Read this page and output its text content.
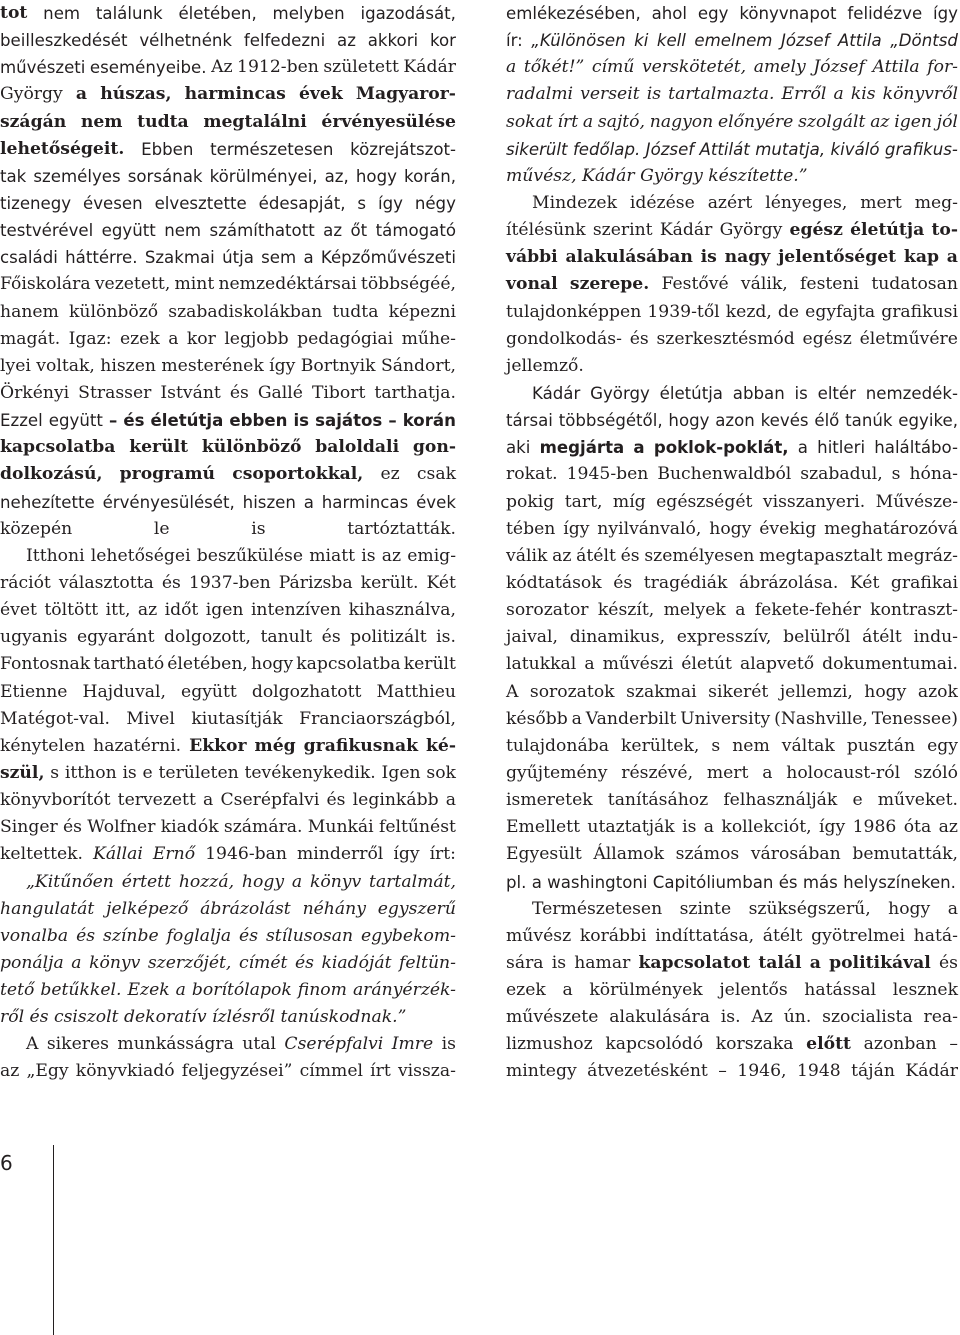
tot nem találunk életében, melyben igazodását,
beilleszkedését vélhetnénk felfedezni az akkori kor
művészeti eseményeibe. Az 1912-ben született Kádár
György a húszas, harmincas évek Magyaror-
szágán nem tudta megtalálni érvényesülése
lehetőségeit. Ebben természetesen közrejátszot-
tak személyes sorsának körülményei, az, hogy korán,
tizenegy évesen elvesztette édesapját, s így négy
testvérével együtt nem számíthatott az őt támogató
családi háttérre. Szakmai útja sem a Képzőművészeti
Főiskolára vezetett, mint nemzedéktársai többségéé,
hanem különböző szabadiskolákban tudta képezni
magát. Igaz: ezek a kor legjobb pedagógiai műhe-
lyei voltak, hiszen mesterének így Bortnyik Sándort,
Örkényi Strasser Istvánt és Gallé Tibort tarthatja.
Ezzel együtt – és életútja ebben is sajátos – korán
kapcsolatba került különböző baloldali gon-
dolkozású, programú csoportokkal, ez csak
nehezítette érvényesülését, hiszen a harmincas évek
közepén	le	is	tartóztatták.
Itthoni lehetőségei beszűkülése miatt is az emig-
rációt választotta és 1937-ben Párizsba került. Két
évet töltött itt, az időt igen intenzíven kihasználva,
ugyanis egyaránt dolgozott, tanult és politizált is.
Fontosnak tartható életében, hogy kapcsolatba került
Etienne Hajduval, együtt dolgozhatott Matthieu
Matégot-val. Mivel kiutasítják Franciaországból,
kénytelen hazatérni. Ekkor még grafikusnak ké-
szül, s itthon is e területen tevékenykedik. Igen sok
könyvborítót tervezett a Cserépfalvi és leginkább a
Singer és Wolfner kiadók számára. Munkái feltűnést
keltettek. Kállai Ernő 1946-ban minderről így írt:
„Kitűnően értett hozzá, hogy a könyv tartalmát,
hangulatát jelképező ábrázolást néhány egyszerű
vonalba és színbe foglalja és stílusosan egybekom-
ponálja a könyv szerzőjét, címét és kiadóját feltün-
tető betűkkel. Ezek a borítólapok finom arányérzék-
ről és csiszolt dekoratív ízlésről tanúskodnak.”
A sikeres munkásságra utal Cserépfalvi Imre is
az „Egy könyvkiadó feljegyzései” címmel írt vissza-
emlékezésében, ahol egy könyvnapot felidézve így
ír: „Különösen ki kell emelnem József Attila „Döntsd
a tőkét!” című verskötetét, amely József Attila for-
radalmi verseit is tartalmazta. Erről a kis könyvről
sokat írt a sajtó, nagyon előnyére szolgált az igen jól
sikerült fedőlap. József Attilát mutatja, kiváló grafikus-
művész, Kádár György készítette.”
Mindezek idézése azért lényeges, mert meg-
ítélésünk szerint Kádár György egész életútja to-
vábbi alakulásában is nagy jelentőséget kap a
vonal szerepe. Festővé válik, festeni tudatosan
tulajdonképpen 1939-től kezd, de egyfajta grafikusi
gondolkodás- és szerkesztésmód egész életművére
jellemző.
Kádár György életútja abban is eltér nemzedék-
társai többségétől, hogy azon kevés élő tanúk egyike,
aki megjárta a poklok-poklát, a hitleri haláltábo-
rokat. 1945-ben Buchenwaldból szabadul, s hóna-
pokig tart, míg egészségét visszanyeri. Művésze-
tében így nyilvánvaló, hogy évekig meghatározóvá
válik az átélt és személyesen megtapasztalt megráz-
kódtatások és tragédiák ábrázolása. Két grafikai
sorozator készít, melyek a fekete-fehér kontraszt-
jaival, dinamikus, expresszív, belülről átélt indu-
latukkal a művészi életút alapvető dokumentumai.
A sorozatok szakmai sikerét jellemzi, hogy azok
később a Vanderbilt University (Nashville, Tenessee)
tulajdonába kerültek, s nem váltak pusztán egy
gyűjtemény részévé, mert a holocaust-ról szóló
ismeretek tanításához felhasználják e műveket.
Emellett utaztatják is a kollekciót, így 1986 óta az
Egyesült Államok számos városában bemutatták,
pl. a washingtoni Capitóliumban és más helyszíneken.
Természetesen szinte szükségszerű, hogy a
művész korábbi indíttatása, átélt gyötrelmei hatá-
sára is hamar kapcsolatot talál a politikával és
ezek a körülmények jelentős hatással lesznek
művészete alakulására is. Az ún. szocialista rea-
lizmushoz kapcsolódó korszaka előtt azonban –
mintegy átvezetésként – 1946, 1948 táján Kádár
6
